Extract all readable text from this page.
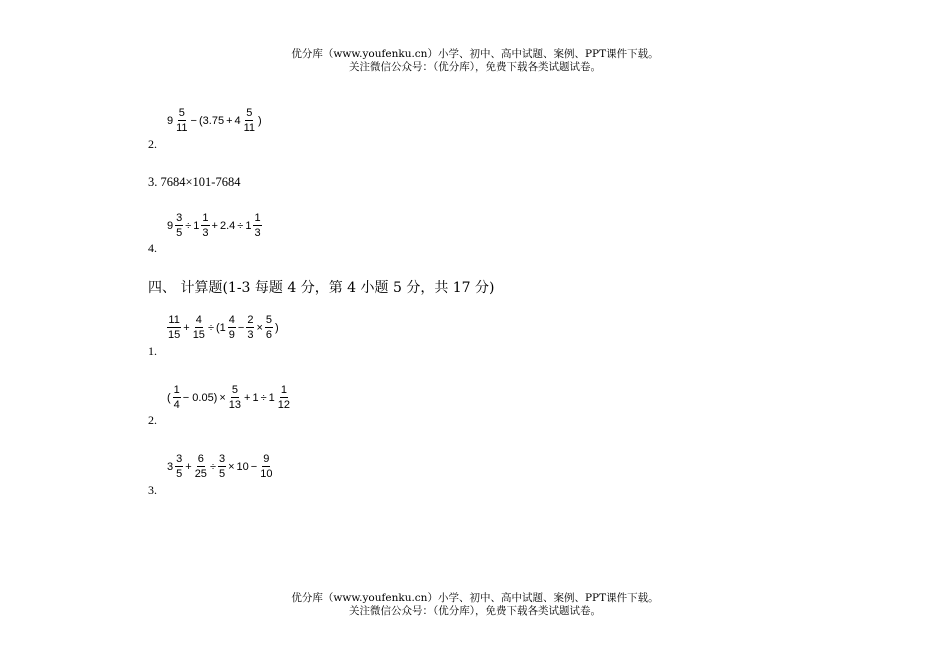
优分库（www.youfenku.cn）小学、初中、高中试题、案例、PPT课件下载。
关注微信公众号：（优分库），免费下载各类试题试卷。
$9 \frac{5}{11} - (3.75 + 4 \frac{5}{11}$ )
2.
3. 7684×101-7684
$9 \frac{3}{5} \div 1 \frac{1}{3} + 2.4 \div 1 \frac{1}{3}$
4.
四、 计算题(1-3 每题 4 分，第 4 小题 5 分，共 17 分)
$\frac{11}{15} + \frac{4}{15} \div (1 \frac{4}{9} - \frac{2}{3} \times \frac{5}{6}$ )
1.
( $\frac{1}{4} - 0.05) \times \frac{5}{13} + 1 \div 1 \frac{1}{12}$
2.
$3 \frac{3}{5} + \frac{6}{25} \div \frac{3}{5} \times 10 - \frac{9}{10}$
3.
优分库（www.youfenku.cn）小学、初中、高中试题、案例、PPT课件下载。
关注微信公众号：（优分库），免费下载各类试题试卷。
